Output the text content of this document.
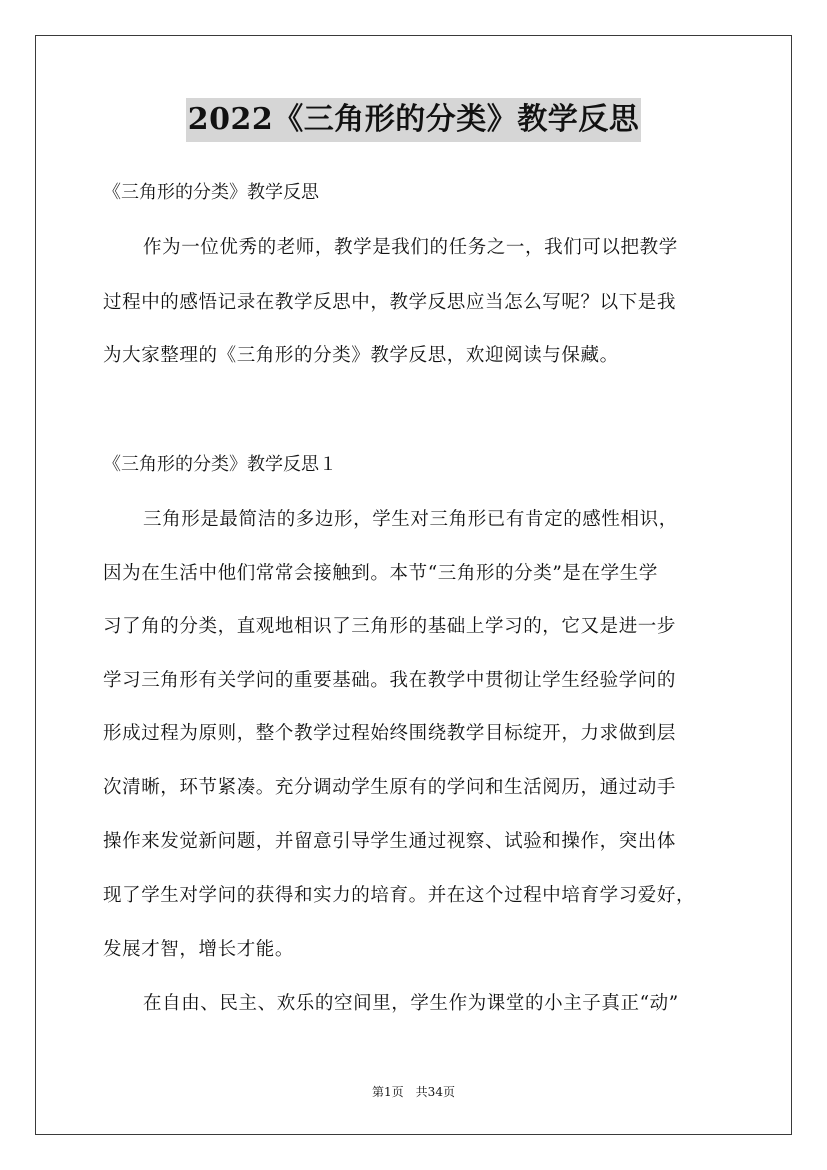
2022《三角形的分类》教学反思
《三角形的分类》教学反思
作为一位优秀的老师，教学是我们的任务之一，我们可以把教学
过程中的感悟记录在教学反思中，教学反思应当怎么写呢？以下是我
为大家整理的《三角形的分类》教学反思，欢迎阅读与保藏。
《三角形的分类》教学反思１
三角形是最简洁的多边形，学生对三角形已有肯定的感性相识，
因为在生活中他们常常会接触到。本节“三角形的分类”是在学生学
习了角的分类，直观地相识了三角形的基础上学习的，它又是进一步
学习三角形有关学问的重要基础。我在教学中贯彻让学生经验学问的
形成过程为原则，整个教学过程始终围绕教学目标绽开，力求做到层
次清晰，环节紧凑。充分调动学生原有的学问和生活阅历，通过动手
操作来发觉新问题，并留意引导学生通过视察、试验和操作，突出体
现了学生对学问的获得和实力的培育。并在这个过程中培育学习爱好，
发展才智，增长才能。
在自由、民主、欢乐的空间里，学生作为课堂的小主子真正“动”
第1页　共34页
